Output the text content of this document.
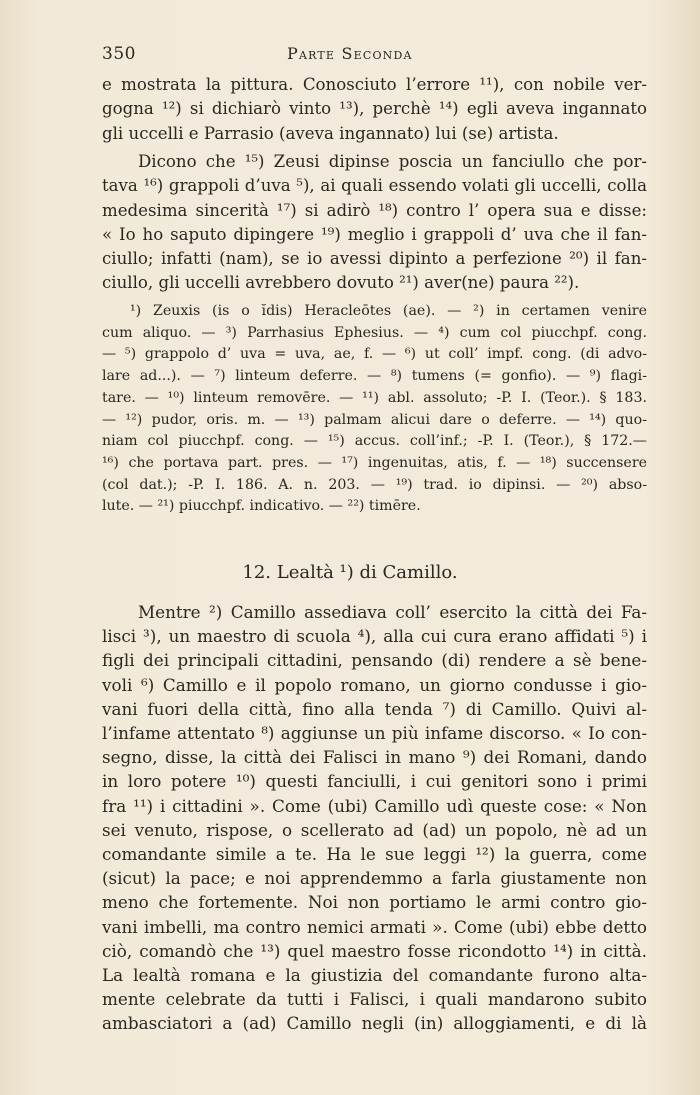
350	Parte Seconda
e mostrata la pittura. Conosciuto l’errore ¹¹), con nobile ver-
gogna ¹²) si dichiarò vinto ¹³), perchè ¹⁴) egli aveva ingannato
gli uccelli e Parrasio (aveva ingannato) lui (se) artista.
Dicono che ¹⁵) Zeusi dipinse poscia un fanciullo che por-
tava ¹⁶) grappoli d’uva ⁵), ai quali essendo volati gli uccelli, colla
medesima sincerità ¹⁷) si adirò ¹⁸) contro l’ opera sua e disse:
« Io ho saputo dipingere ¹⁹) meglio i grappoli d’ uva che il fan-
ciullo; infatti (nam), se io avessi dipinto a perfezione ²⁰) il fan-
ciullo, gli uccelli avrebbero dovuto ²¹) aver(ne) paura ²²).
¹) Zeuxis (is o ĭdis) Heracleōtes (ae). — ²) in certamen venire
cum aliquo. — ³) Parrhasius Ephesius. — ⁴) cum col piucchpf. cong.
— ⁵) grappolo d’ uva = uva, ae, f. — ⁶) ut coll’ impf. cong. (di advo-
lare ad...). — ⁷) linteum deferre. — ⁸) tumens (= gonfio). — ⁹) flagi-
tare. — ¹⁰) linteum removēre. — ¹¹) abl. assoluto; -P. I. (Teor.). § 183.
— ¹²) pudor, oris. m. — ¹³) palmam alicui dare o deferre. — ¹⁴) quo-
niam col piucchpf. cong. — ¹⁵) accus. coll’inf.; -P. I. (Teor.), § 172.—
¹⁶) che portava part. pres. — ¹⁷) ingenuitas, atis, f. — ¹⁸) succensere
(col dat.); -P. I. 186. A. n. 203. — ¹⁹) trad. io dipinsi. — ²⁰) abso-
lute. — ²¹) piucchpf. indicativo. — ²²) timēre.
12. Lealtà ¹) di Camillo.
Mentre ²) Camillo assediava coll’ esercito la città dei Fa-
lisci ³), un maestro di scuola ⁴), alla cui cura erano affidati ⁵) i
figli dei principali cittadini, pensando (di) rendere a sè bene-
voli ⁶) Camillo e il popolo romano, un giorno condusse i gio-
vani fuori della città, fino alla tenda ⁷) di Camillo. Quivi al-
l’infame attentato ⁸) aggiunse un più infame discorso. « Io con-
segno, disse, la città dei Falisci in mano ⁹) dei Romani, dando
in loro potere ¹⁰) questi fanciulli, i cui genitori sono i primi
fra ¹¹) i cittadini ». Come (ubi) Camillo udì queste cose: « Non
sei venuto, rispose, o scellerato ad (ad) un popolo, nè ad un
comandante simile a te. Ha le sue leggi ¹²) la guerra, come
(sicut) la pace; e noi apprendemmo a farla giustamente non
meno che fortemente. Noi non portiamo le armi contro gio-
vani imbelli, ma contro nemici armati ». Come (ubi) ebbe detto
ciò, comandò che ¹³) quel maestro fosse ricondotto ¹⁴) in città.
La lealtà romana e la giustizia del comandante furono alta-
mente celebrate da tutti i Falisci, i quali mandarono subito
ambasciatori a (ad) Camillo negli (in) alloggiamenti, e di là
